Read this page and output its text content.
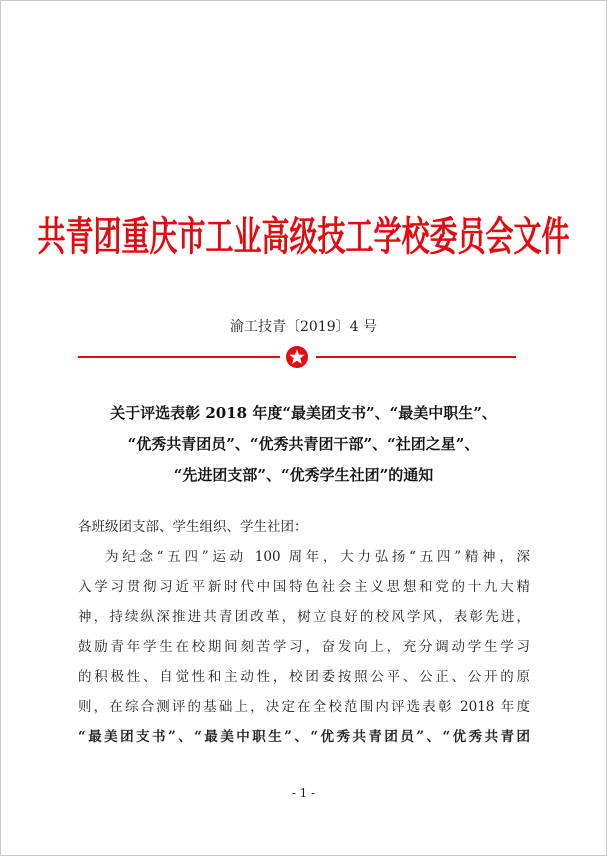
共青团重庆市工业高级技工学校委员会文件
渝工技青〔2019〕4 号
关于评选表彰 2018 年度“最美团支书”、“最美中职生”、
“优秀共青团员”、“优秀共青团干部”、“社团之星”、
“先进团支部”、“优秀学生社团”的通知
各班级团支部、学生组织、学生社团：
为纪念“五四”运动 100 周年，大力弘扬“五四”精神，深
入学习贯彻习近平新时代中国特色社会主义思想和党的十九大精
神，持续纵深推进共青团改革，树立良好的校风学风，表彰先进，
鼓励青年学生在校期间刻苦学习，奋发向上，充分调动学生学习
的积极性、自觉性和主动性，校团委按照公平、公正、公开的原
则，在综合测评的基础上，决定在全校范围内评选表彰 2018 年度
“最美团支书”、“最美中职生”、“优秀共青团员”、“优秀共青团
- 1 -
